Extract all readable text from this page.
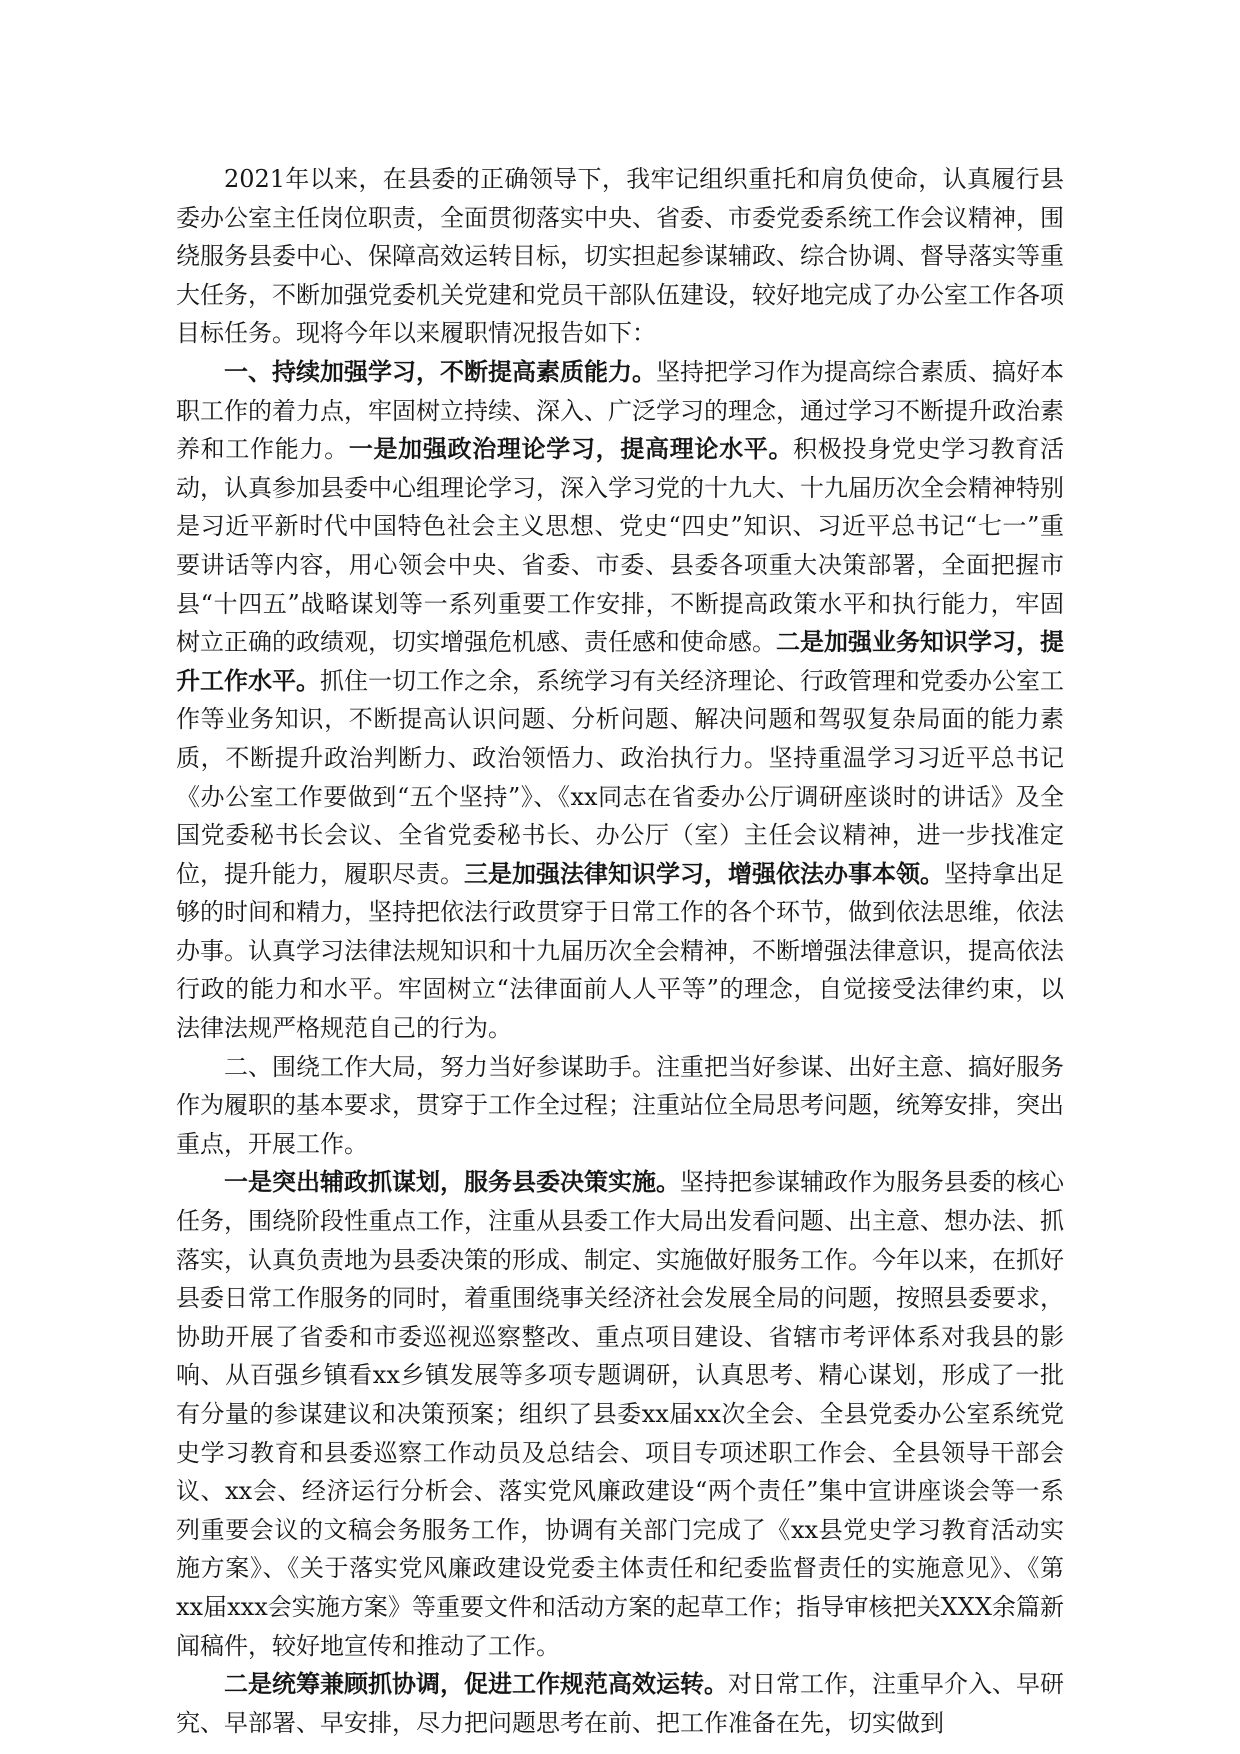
2021年以来，在县委的正确领导下，我牢记组织重托和肩负使命，认真履行县委办公室主任岗位职责，全面贯彻落实中央、省委、市委党委系统工作会议精神，围绕服务县委中心、保障高效运转目标，切实担起参谋辅政、综合协调、督导落实等重大任务，不断加强党委机关党建和党员干部队伍建设，较好地完成了办公室工作各项目标任务。现将今年以来履职情况报告如下：

一、持续加强学习，不断提高素质能力。坚持把学习作为提高综合素质、搞好本职工作的着力点，牢固树立持续、深入、广泛学习的理念，通过学习不断提升政治素养和工作能力。一是加强政治理论学习，提高理论水平。积极投身党史学习教育活动，认真参加县委中心组理论学习，深入学习党的十九大、十九届历次全会精神特别是习近平新时代中国特色社会主义思想、党史“四史”知识、习近平总书记“七一”重要讲话等内容，用心领会中央、省委、市委、县委各项重大决策部署，全面把握市县“十四五”战略谋划等一系列重要工作安排，不断提高政策水平和执行能力，牢固树立正确的政绩观，切实增强危机感、责任感和使命感。二是加强业务知识学习，提升工作水平。抓住一切工作之余，系统学习有关经济理论、行政管理和党委办公室工作等业务知识，不断提高认识问题、分析问题、解决问题和驾驭复杂局面的能力素质，不断提升政治判断力、政治领悟力、政治执行力。坚持重温学习习近平总书记《办公室工作要做到“五个坚持”》、《xx同志在省委办公厅调研座谈时的讲话》及全国党委秘书长会议、全省党委秘书长、办公厅（室）主任会议精神，进一步找准定位，提升能力，履职尽责。三是加强法律知识学习，增强依法办事本领。坚持拿出足够的时间和精力，坚持把依法行政贯穿于日常工作的各个环节，做到依法思维，依法办事。认真学习法律法规知识和十九届历次全会精神，不断增强法律意识，提高依法行政的能力和水平。牢固树立“法律面前人人平等”的理念，自觉接受法律约束，以法律法规严格规范自己的行为。

二、围绕工作大局，努力当好参谋助手。注重把当好参谋、出好主意、搞好服务作为履职的基本要求，贯穿于工作全过程；注重站位全局思考问题，统筹安排，突出重点，开展工作。

一是突出辅政抓谋划，服务县委决策实施。坚持把参谋辅政作为服务县委的核心任务，围绕阶段性重点工作，注重从县委工作大局出发看问题、出主意、想办法、抓落实，认真负责地为县委决策的形成、制定、实施做好服务工作。今年以来，在抓好县委日常工作服务的同时，着重围绕事关经济社会发展全局的问题，按照县委要求，协助开展了省委和市委巡视巡察整改、重点项目建设、省辖市考评体系对我县的影响、从百强乡镇看xx乡镇发展等多项专题调研，认真思考、精心谋划，形成了一批有分量的参谋建议和决策预案；组织了县委xx届xx次全会、全县党委办公室系统党史学习教育和县委巡察工作动员及总结会、项目专项述职工作会、全县领导干部会议、xx会、经济运行分析会、落实党风廉政建设“两个责任”集中宣讲座谈会等一系列重要会议的文稿会务服务工作，协调有关部门完成了《xx县党史学习教育活动实施方案》、《关于落实党风廉政建设党委主体责任和纪委监督责任的实施意见》、《第xx届xxx会实施方案》等重要文件和活动方案的起草工作；指导审核把关XXX余篇新闻稿件，较好地宣传和推动了工作。

二是统筹兼顾抓协调，促进工作规范高效运转。对日常工作，注重早介入、早研究、早部署、早安排，尽力把问题思考在前、把工作准备在先，切实做到
